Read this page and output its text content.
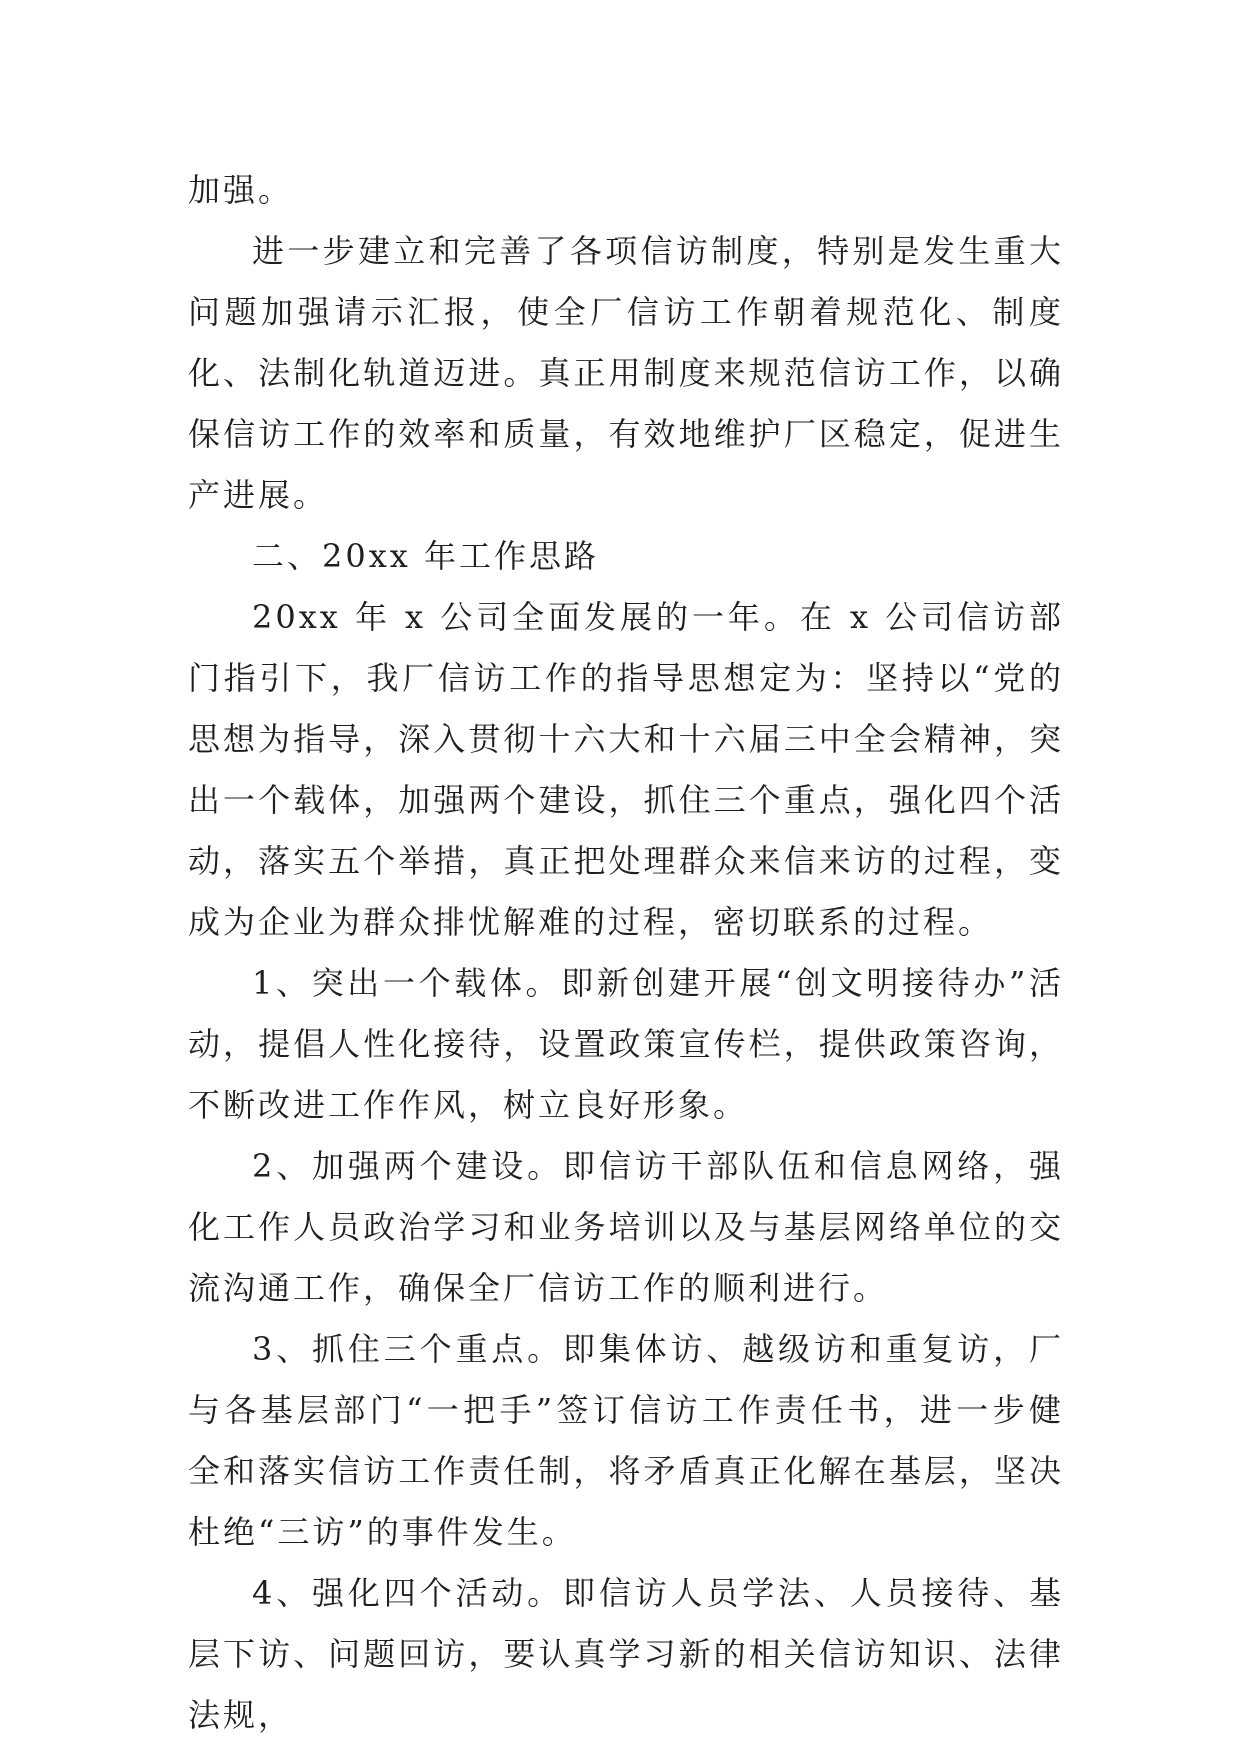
加强。

进一步建立和完善了各项信访制度，特别是发生重大问题加强请示汇报，使全厂信访工作朝着规范化、制度化、法制化轨道迈进。真正用制度来规范信访工作，以确保信访工作的效率和质量，有效地维护厂区稳定，促进生产进展。

二、20xx 年工作思路

20xx 年 x 公司全面发展的一年。在 x 公司信访部门指引下，我厂信访工作的指导思想定为：坚持以“党的思想为指导，深入贯彻十六大和十六届三中全会精神，突出一个载体，加强两个建设，抓住三个重点，强化四个活动，落实五个举措，真正把处理群众来信来访的过程，变成为企业为群众排忧解难的过程，密切联系的过程。

1、突出一个载体。即新创建开展“创文明接待办”活动，提倡人性化接待，设置政策宣传栏，提供政策咨询，不断改进工作作风，树立良好形象。

2、加强两个建设。即信访干部队伍和信息网络，强化工作人员政治学习和业务培训以及与基层网络单位的交流沟通工作，确保全厂信访工作的顺利进行。

3、抓住三个重点。即集体访、越级访和重复访，厂与各基层部门“一把手”签订信访工作责任书，进一步健全和落实信访工作责任制，将矛盾真正化解在基层，坚决杜绝“三访”的事件发生。

4、强化四个活动。即信访人员学法、人员接待、基层下访、问题回访，要认真学习新的相关信访知识、法律法规，
